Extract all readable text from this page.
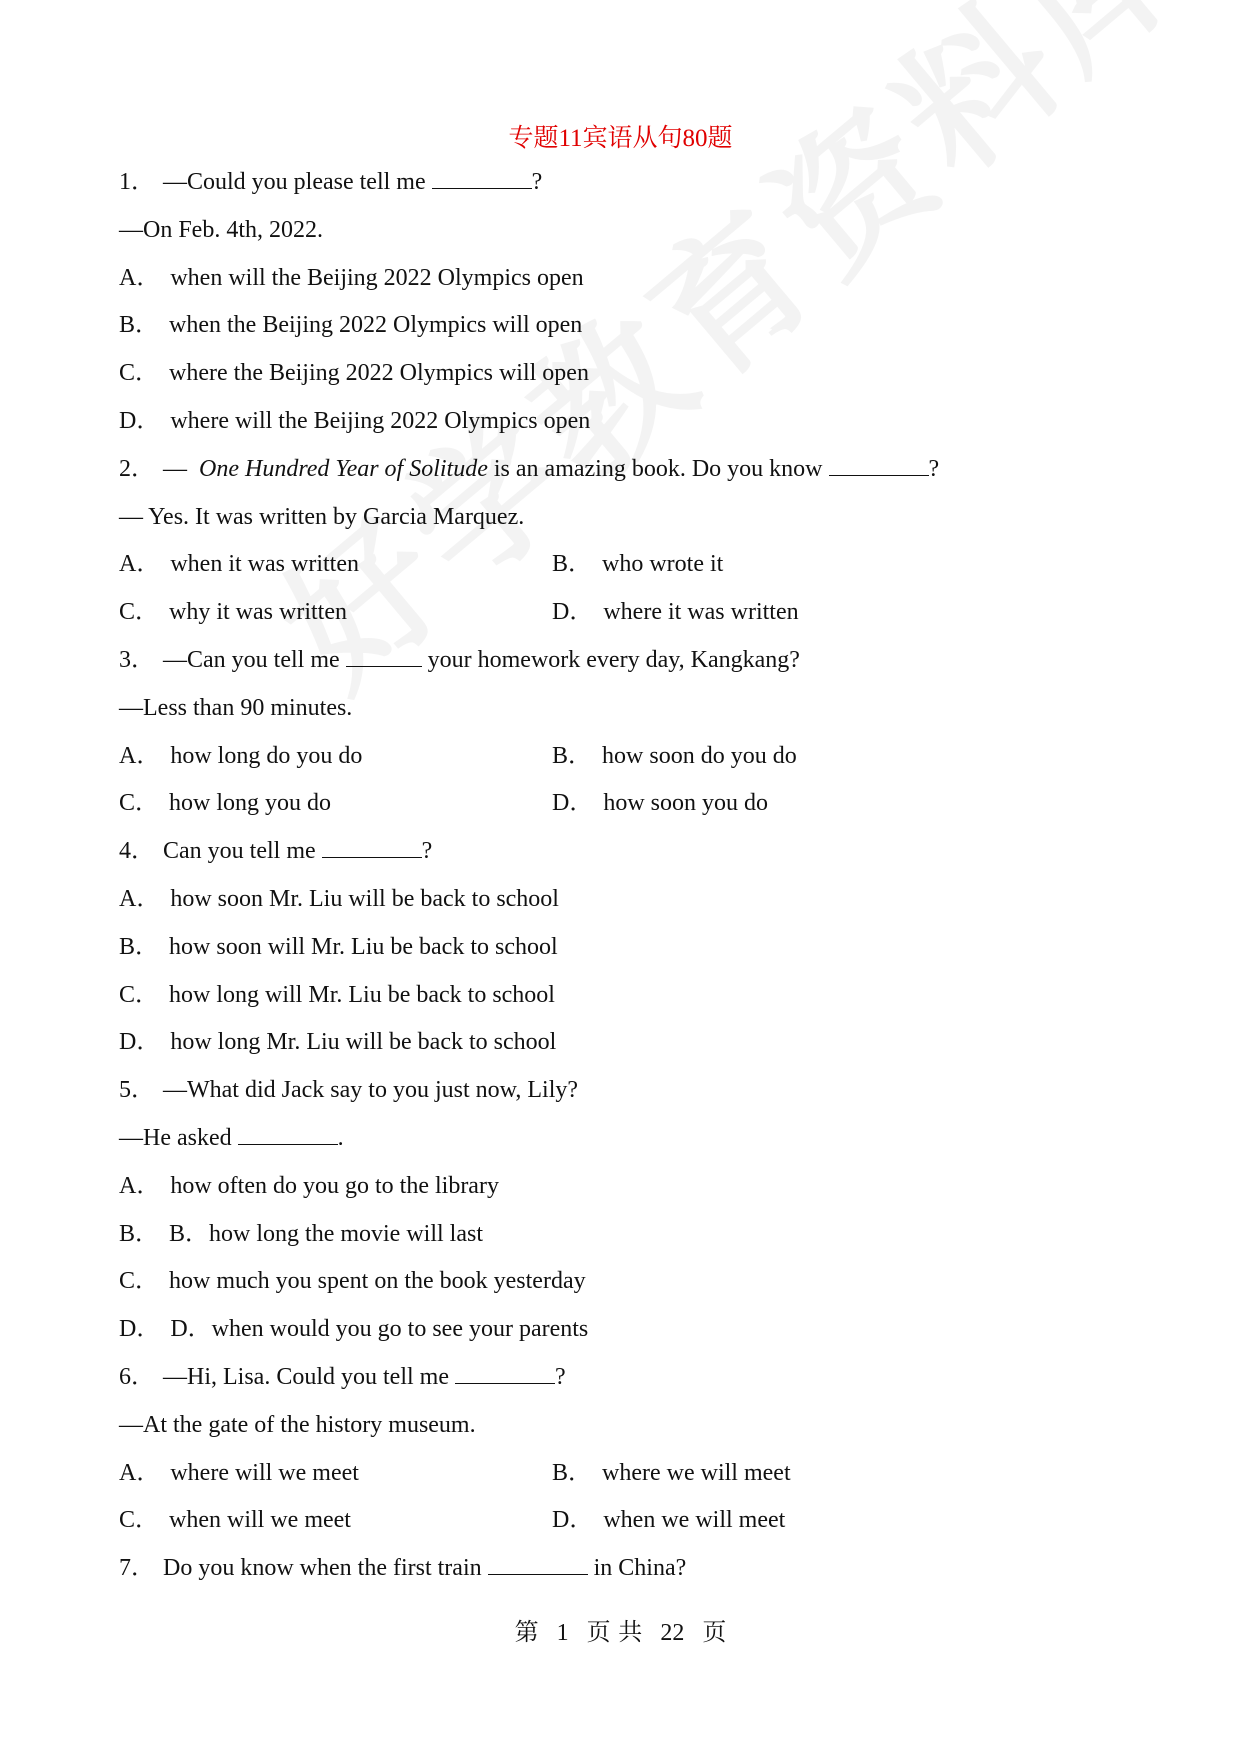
专题11宾语从句80题
1． —Could you please tell me	?
—On Feb. 4th, 2022.
A． when will the Beijing 2022 Olympics open
B． when the Beijing 2022 Olympics will open
C． where the Beijing 2022 Olympics will open
D． where will the Beijing 2022 Olympics open
2． — One Hundred Year of Solitude is an amazing book. Do you know	?
— Yes. It was written by Garcia Marquez.
A． when it was written	B． who wrote it
C． why it was written	D． where it was written
3． —Can you tell me	your homework every day, Kangkang?
—Less than 90 minutes.
A． how long do you do	B． how soon do you do
C． how long you do	D． how soon you do
4． Can you tell me	?
A． how soon Mr. Liu will be back to school
B． how soon will Mr. Liu be back to school
C． how long will Mr. Liu be back to school
D． how long Mr. Liu will be back to school
5． —What did Jack say to you just now, Lily?
—He asked	.
A． how often do you go to the library
B． B．how long the movie will last
C． how much you spent on the book yesterday
D． D．when would you go to see your parents
6． —Hi, Lisa. Could you tell me	?
—At the gate of the history museum.
A． where will we meet	B． where we will meet
C． when will we meet	D． when we will meet
7． Do you know when the first train	in China?
第 1 页 共 22 页
